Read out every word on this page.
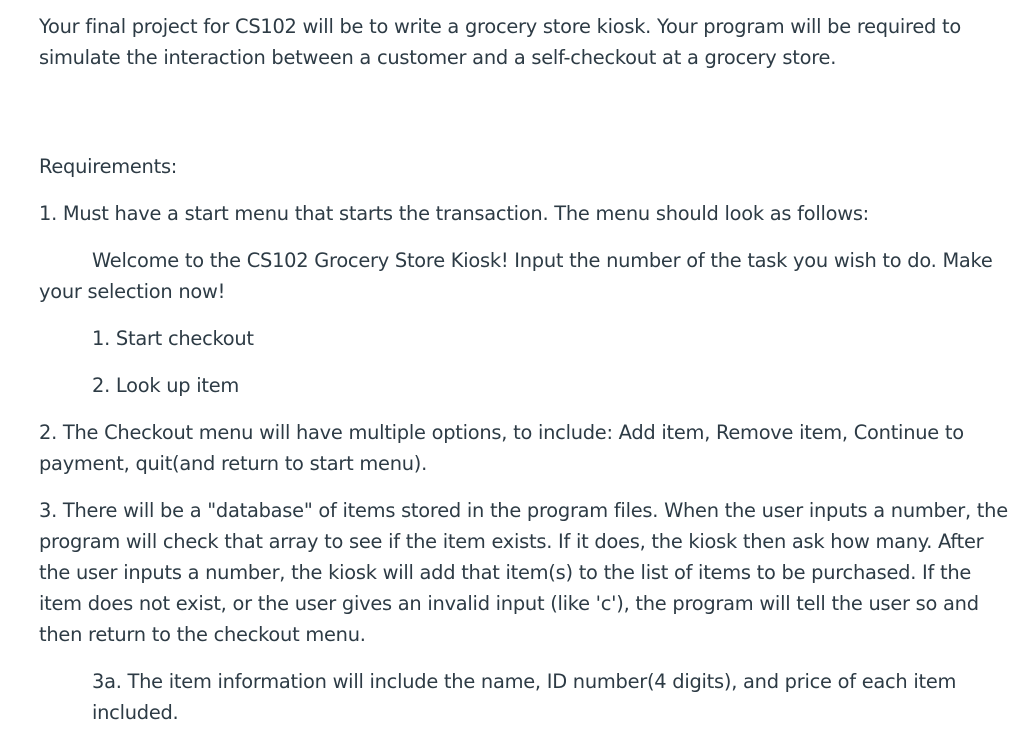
Your final project for CS102 will be to write a grocery store kiosk. Your program will be required to simulate the interaction between a customer and a self-checkout at a grocery store.

Requirements:

1. Must have a start menu that starts the transaction. The menu should look as follows:

Welcome to the CS102 Grocery Store Kiosk! Input the number of the task you wish to do. Make your selection now!

1. Start checkout

2. Look up item

2. The Checkout menu will have multiple options, to include: Add item, Remove item, Continue to payment, quit(and return to start menu).

3. There will be a "database" of items stored in the program files. When the user inputs a number, the program will check that array to see if the item exists. If it does, the kiosk then ask how many. After the user inputs a number, the kiosk will add that item(s) to the list of items to be purchased. If the item does not exist, or the user gives an invalid input (like 'c'), the program will tell the user so and then return to the checkout menu.

3a. The item information will include the name, ID number(4 digits), and price of each item included.
